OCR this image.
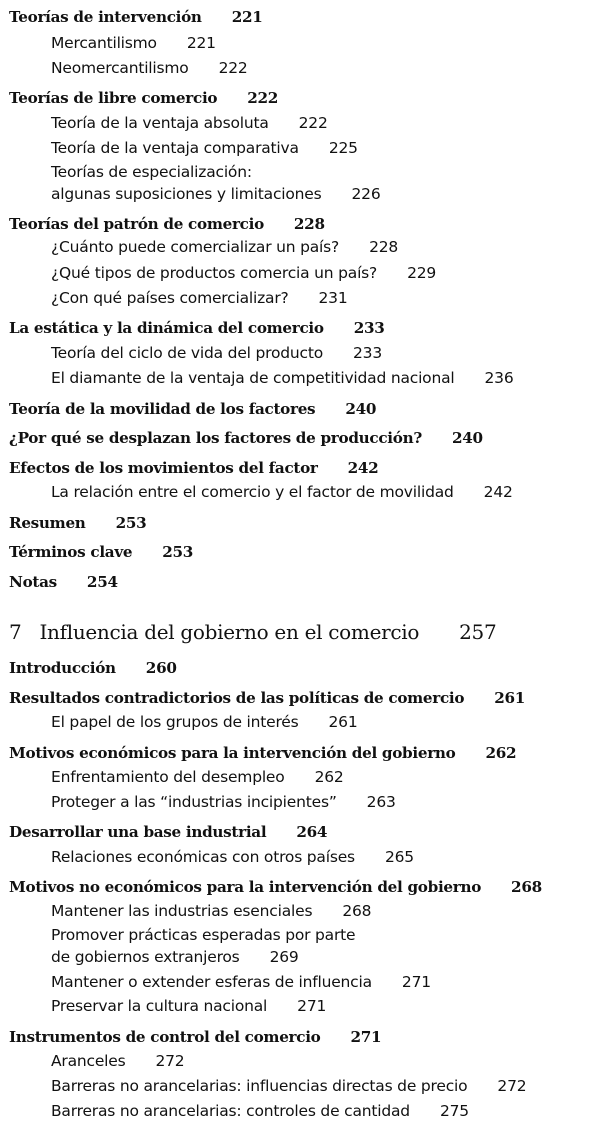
Teorías de intervención 221
Mercantilismo 221
Neomercantilismo 222
Teorías de libre comercio 222
Teoría de la ventaja absoluta 222
Teoría de la ventaja comparativa 225
Teorías de especialización:
algunas suposiciones y limitaciones 226
Teorías del patrón de comercio 228
¿Cuánto puede comercializar un país? 228
¿Qué tipos de productos comercia un país? 229
¿Con qué países comercializar? 231
La estática y la dinámica del comercio 233
Teoría del ciclo de vida del producto 233
El diamante de la ventaja de competitividad nacional 236
Teoría de la movilidad de los factores 240
¿Por qué se desplazan los factores de producción? 240
Efectos de los movimientos del factor 242
La relación entre el comercio y el factor de movilidad 242
Resumen 253
Términos clave 253
Notas 254
7 Influencia del gobierno en el comercio 257
Introducción 260
Resultados contradictorios de las políticas de comercio 261
El papel de los grupos de interés 261
Motivos económicos para la intervención del gobierno 262
Enfrentamiento del desempleo 262
Proteger a las “industrias incipientes” 263
Desarrollar una base industrial 264
Relaciones económicas con otros países 265
Motivos no económicos para la intervención del gobierno 268
Mantener las industrias esenciales 268
Promover prácticas esperadas por parte
de gobiernos extranjeros 269
Mantener o extender esferas de influencia 271
Preservar la cultura nacional 271
Instrumentos de control del comercio 271
Aranceles 272
Barreras no arancelarias: influencias directas de precio 272
Barreras no arancelarias: controles de cantidad 275
